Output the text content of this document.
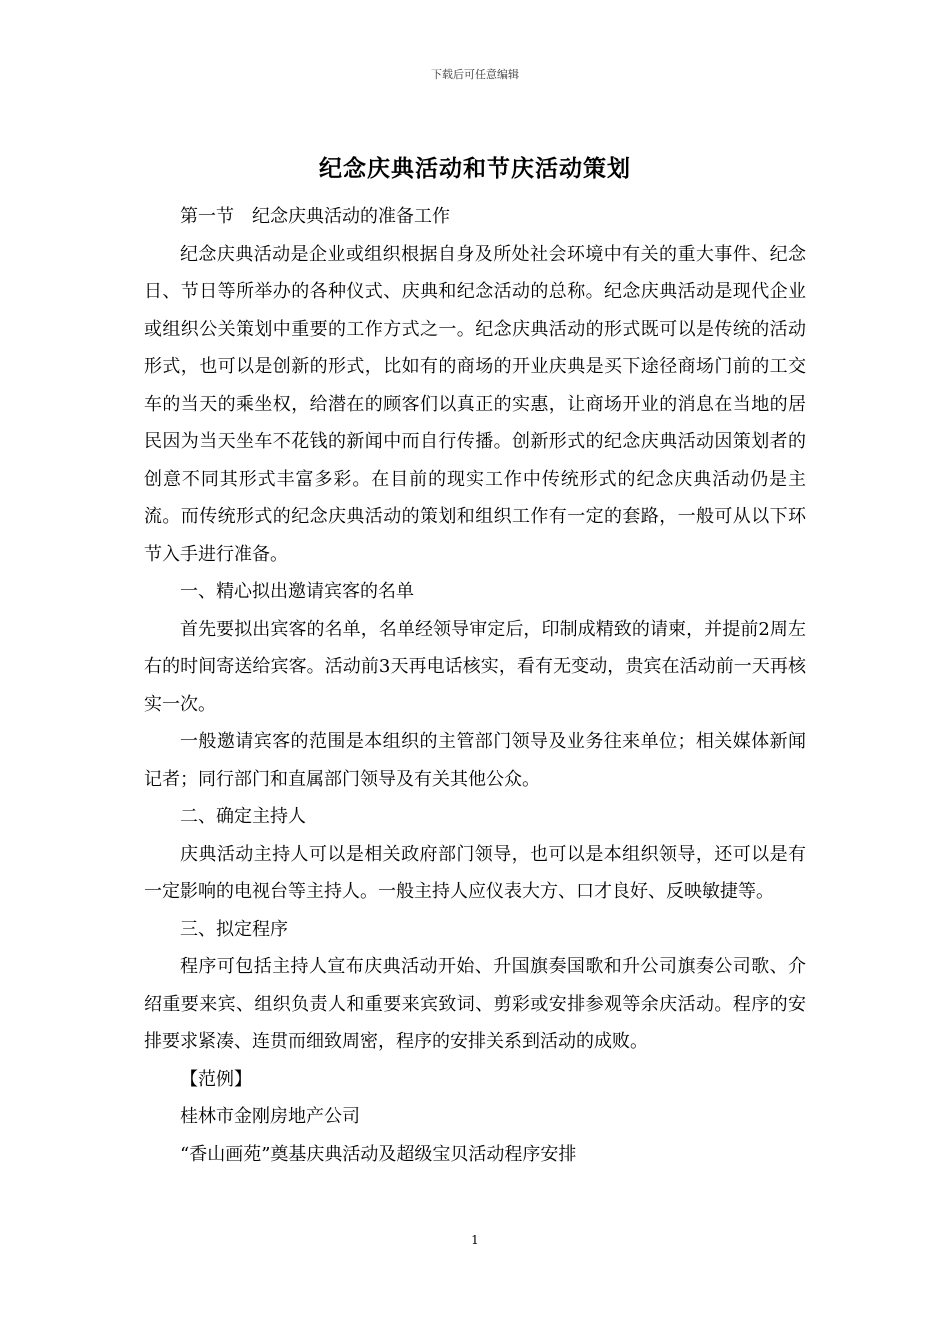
下载后可任意编辑
纪念庆典活动和节庆活动策划

第一节　纪念庆典活动的准备工作

纪念庆典活动是企业或组织根据自身及所处社会环境中有关的重大事件、纪念日、节日等所举办的各种仪式、庆典和纪念活动的总称。纪念庆典活动是现代企业或组织公关策划中重要的工作方式之一。纪念庆典活动的形式既可以是传统的活动形式，也可以是创新的形式，比如有的商场的开业庆典是买下途径商场门前的工交车的当天的乘坐权，给潜在的顾客们以真正的实惠，让商场开业的消息在当地的居民因为当天坐车不花钱的新闻中而自行传播。创新形式的纪念庆典活动因策划者的创意不同其形式丰富多彩。在目前的现实工作中传统形式的纪念庆典活动仍是主流。而传统形式的纪念庆典活动的策划和组织工作有一定的套路，一般可从以下环节入手进行准备。

一、精心拟出邀请宾客的名单

首先要拟出宾客的名单，名单经领导审定后，印制成精致的请柬，并提前2周左右的时间寄送给宾客。活动前3天再电话核实，看有无变动，贵宾在活动前一天再核实一次。

一般邀请宾客的范围是本组织的主管部门领导及业务往来单位；相关媒体新闻记者；同行部门和直属部门领导及有关其他公众。

二、确定主持人

庆典活动主持人可以是相关政府部门领导，也可以是本组织领导，还可以是有一定影响的电视台等主持人。一般主持人应仪表大方、口才良好、反映敏捷等。

三、拟定程序

程序可包括主持人宣布庆典活动开始、升国旗奏国歌和升公司旗奏公司歌、介绍重要来宾、组织负责人和重要来宾致词、剪彩或安排参观等余庆活动。程序的安排要求紧凑、连贯而细致周密，程序的安排关系到活动的成败。

【范例】

桂林市金刚房地产公司

“香山画苑”奠基庆典活动及超级宝贝活动程序安排

1
